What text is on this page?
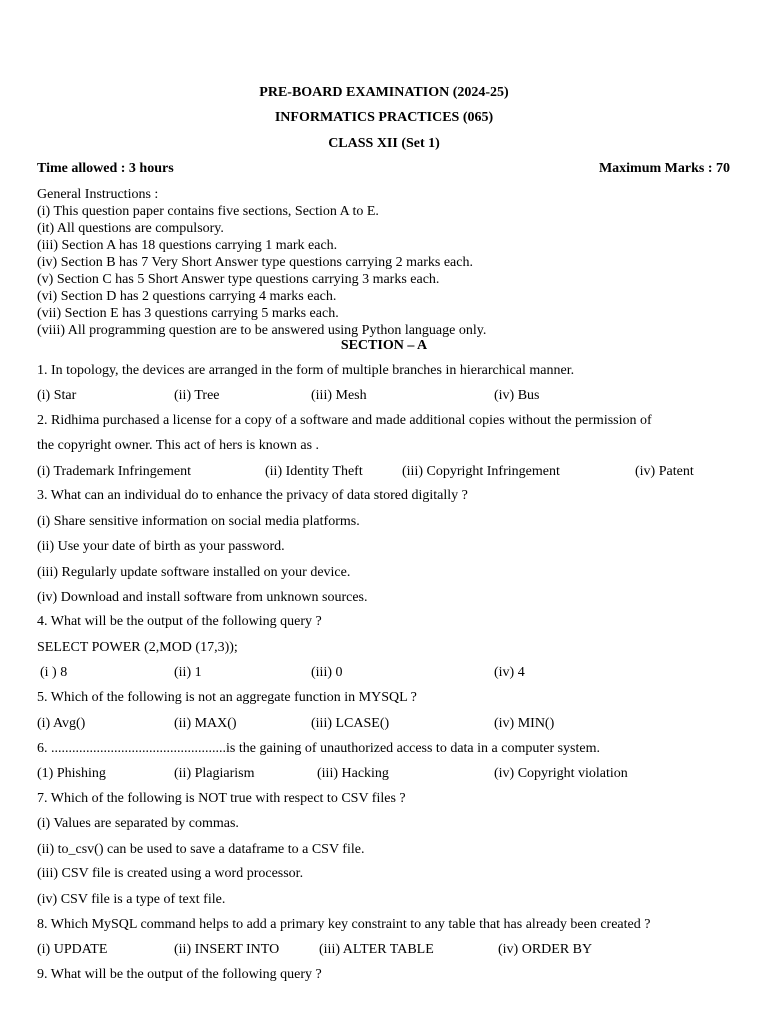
PRE-BOARD EXAMINATION (2024-25)
INFORMATICS PRACTICES (065)
CLASS XII (Set 1)
Time allowed : 3 hours	Maximum Marks : 70
General Instructions :
(i) This question paper contains five sections, Section A to E.
(it) All questions are compulsory.
(iii) Section A has 18 questions carrying 1 mark each.
(iv) Section B has 7 Very Short Answer type questions carrying 2 marks each.
(v) Section C has 5 Short Answer type questions carrying 3 marks each.
(vi) Section D has 2 questions carrying 4 marks each.
(vii) Section E has 3 questions carrying 5 marks each.
(viii) All programming question are to be answered using Python language only.
SECTION – A
1. In topology, the devices are arranged in the form of multiple branches in hierarchical manner.
(i) Star	(ii) Tree	(iii) Mesh	(iv) Bus
2. Ridhima purchased a license for a copy of a software and made additional copies without the permission of
the copyright owner. This act of hers is known as .
(i) Trademark Infringement	(ii) Identity Theft	(iii) Copyright Infringement	(iv) Patent
3. What can an individual do to enhance the privacy of data stored digitally ?
(i) Share sensitive information on social media platforms.
(ii) Use your date of birth as your password.
(iii) Regularly update software installed on your device.
(iv) Download and install software from unknown sources.
4. What will be the output of the following query ?
SELECT POWER (2,MOD (17,3));
(i ) 8	(ii) 1	(iii) 0	(iv) 4
5. Which of the following is not an aggregate function in MYSQL ?
(i) Avg()	(ii) MAX()	(iii) LCASE()	(iv) MIN()
6. ..................................................is the gaining of unauthorized access to data in a computer system.
(1) Phishing	(ii) Plagiarism	(iii) Hacking	(iv) Copyright violation
7. Which of the following is NOT true with respect to CSV files ?
(i) Values are separated by commas.
(ii) to_csv() can be used to save a dataframe to a CSV file.
(iii) CSV file is created using a word processor.
(iv) CSV file is a type of text file.
8. Which MySQL command helps to add a primary key constraint to any table that has already been created ?
(i) UPDATE	(ii) INSERT INTO	(iii) ALTER TABLE	(iv) ORDER BY
9. What will be the output of the following query ?
